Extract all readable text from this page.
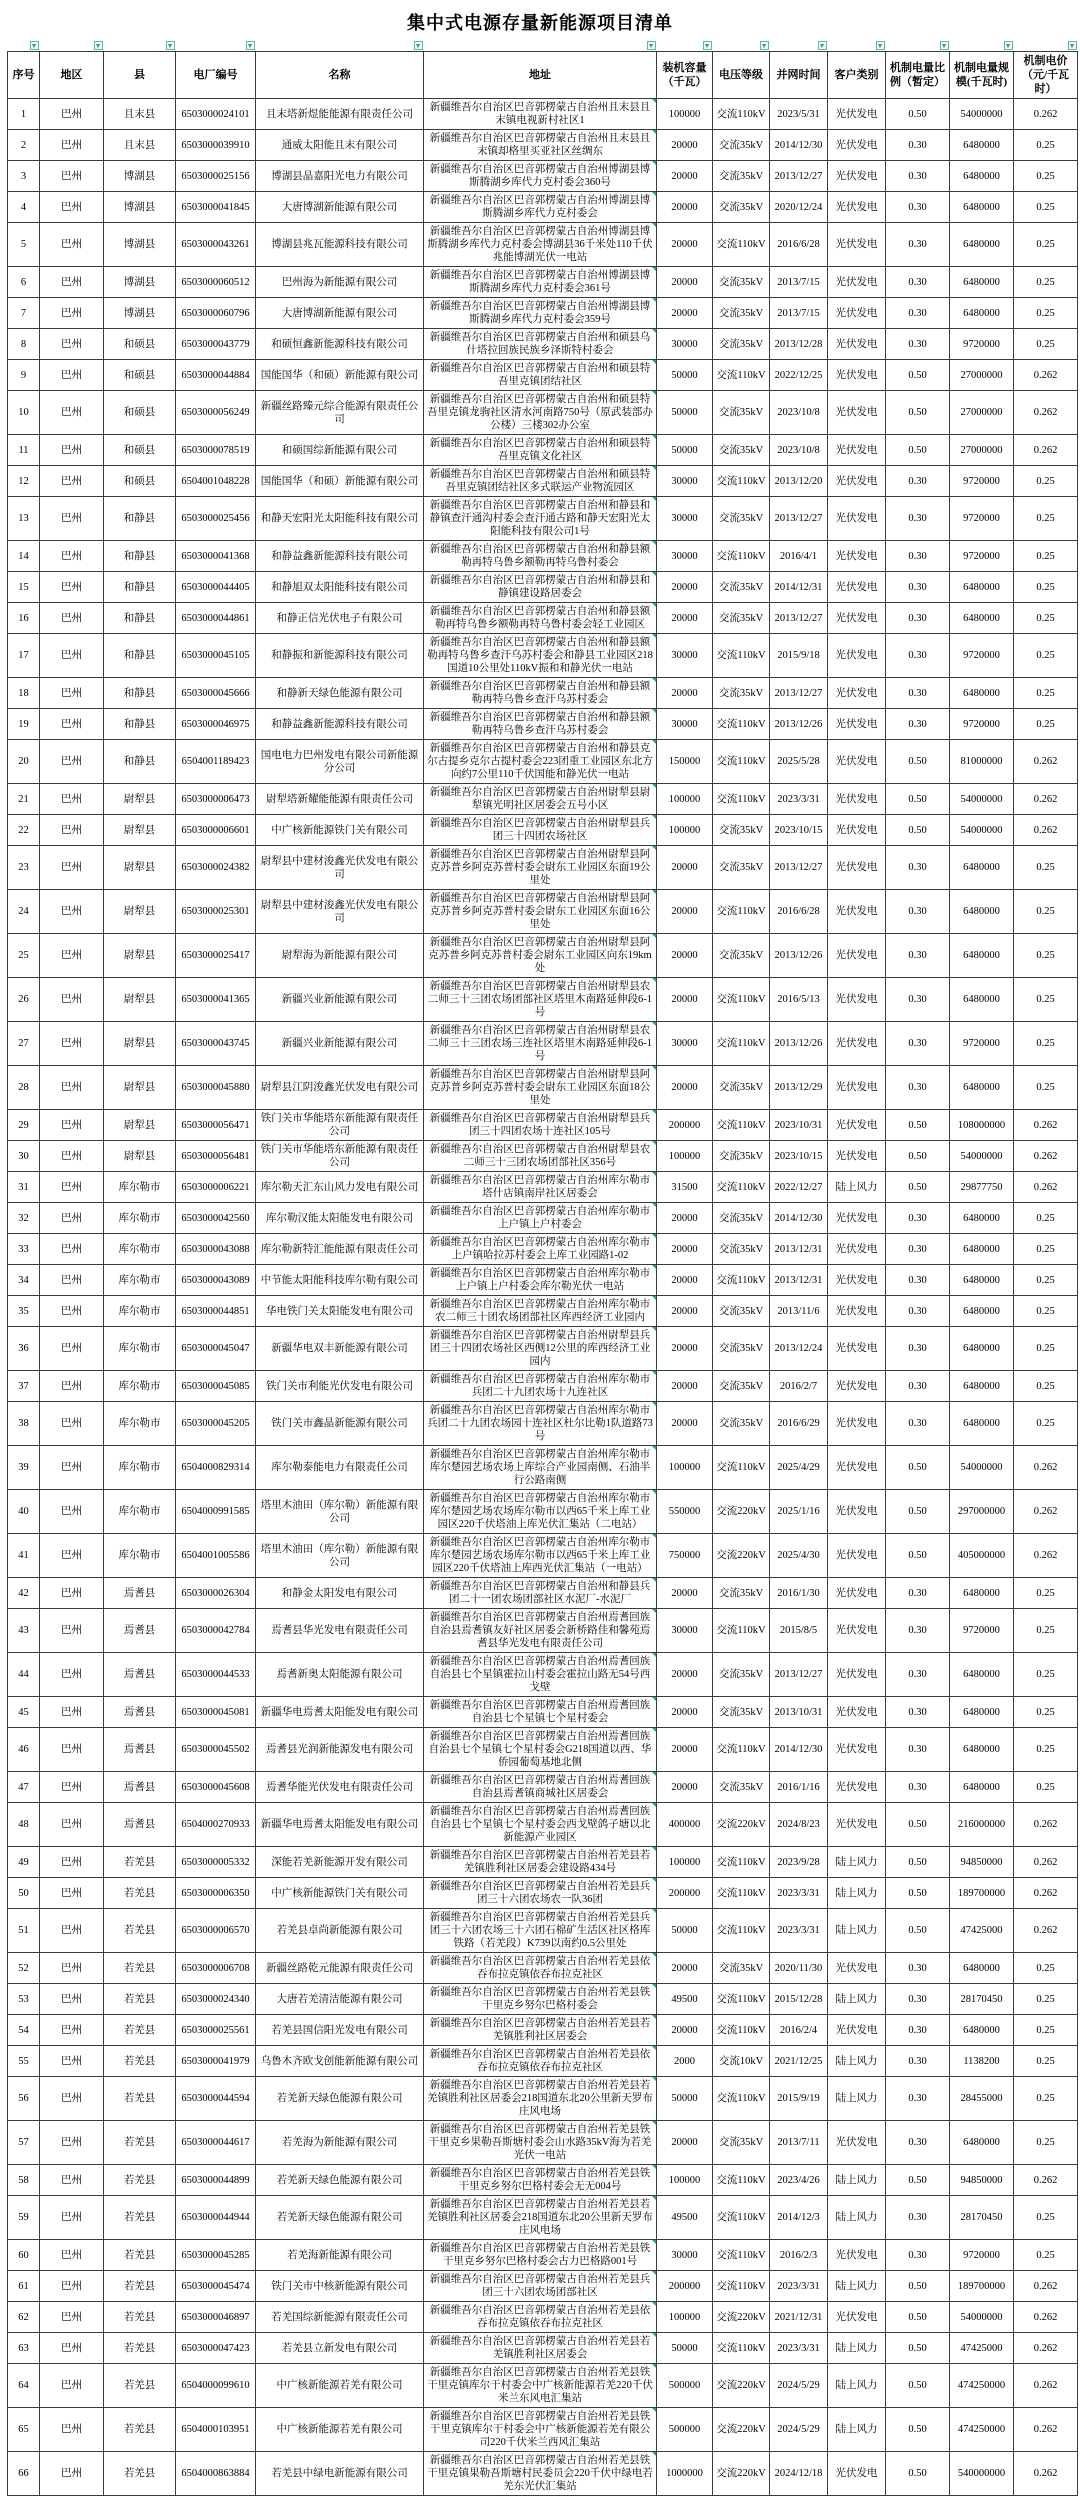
集中式电源存量新能源项目清单

序号	地区	县	电厂编号	名称	地址	装机容量（千瓦）	电压等级	并网时间	客户类别	机制电量比例（暂定）	机制电量规模(千瓦时)	机制电价（元/千瓦时）
1	巴州	且末县	6503000024101	且末塔新煜能能源有限责任公司	新疆维吾尔自治区巴音郭楞蒙古自治州且末县且末镇电视新村社区1	100000	交流110kV	2023/5/31	光伏发电	0.50	54000000	0.262
2	巴州	且末县	6503000039910	通威太阳能且末有限公司	新疆维吾尔自治区巴音郭楞蒙古自治州且末县且末镇却格里买亚社区丝绸东	20000	交流35kV	2014/12/30	光伏发电	0.30	6480000	0.25
3	巴州	博湖县	6503000025156	博湖县晶嘉阳光电力有限公司	新疆维吾尔自治区巴音郭楞蒙古自治州博湖县博斯腾湖乡库代力克村委会360号	20000	交流35kV	2013/12/27	光伏发电	0.30	6480000	0.25
4	巴州	博湖县	6503000041845	大唐博湖新能源有限公司	新疆维吾尔自治区巴音郭楞蒙古自治州博湖县博斯腾湖乡库代力克村委会	20000	交流35kV	2020/12/24	光伏发电	0.30	6480000	0.25
5	巴州	博湖县	6503000043261	博湖县兆瓦能源科技有限公司	新疆维吾尔自治区巴音郭楞蒙古自治州博湖县博斯腾湖乡库代力克村委会博湖县36千米处110千伏兆能博湖光伏一电站	20000	交流110kV	2016/6/28	光伏发电	0.30	6480000	0.25
6	巴州	博湖县	6503000060512	巴州海为新能源有限公司	新疆维吾尔自治区巴音郭楞蒙古自治州博湖县博斯腾湖乡库代力克村委会361号	20000	交流35kV	2013/7/15	光伏发电	0.30	6480000	0.25
7	巴州	博湖县	6503000060796	大唐博湖新能源有限公司	新疆维吾尔自治区巴音郭楞蒙古自治州博湖县博斯腾湖乡库代力克村委会359号	20000	交流35kV	2013/7/15	光伏发电	0.30	6480000	0.25
8	巴州	和硕县	6503000043779	和硕恒鑫新能源科技有限公司	新疆维吾尔自治区巴音郭楞蒙古自治州和硕县乌什塔拉回族民族乡泽斯特村委会	30000	交流35kV	2013/12/28	光伏发电	0.30	9720000	0.25
9	巴州	和硕县	6503000044884	国能国华（和硕）新能源有限公司	新疆维吾尔自治区巴音郭楞蒙古自治州和硕县特吾里克镇团结社区	50000	交流110kV	2022/12/25	光伏发电	0.50	27000000	0.262
10	巴州	和硕县	6503000056249	新疆丝路臻元综合能源有限责任公司	新疆维吾尔自治区巴音郭楞蒙古自治州和硕县特吾里克镇龙驹社区清水河南路750号（原武装部办公楼）三楼302办公室	50000	交流35kV	2023/10/8	光伏发电	0.50	27000000	0.262
11	巴州	和硕县	6503000078519	和硕国综新能源有限公司	新疆维吾尔自治区巴音郭楞蒙古自治州和硕县特吾里克镇文化社区	50000	交流35kV	2023/10/8	光伏发电	0.50	27000000	0.262
12	巴州	和硕县	6504001048228	国能国华（和硕）新能源有限公司	新疆维吾尔自治区巴音郭楞蒙古自治州和硕县特吾里克镇团结社区多式联运产业物流园区	30000	交流110kV	2013/12/20	光伏发电	0.30	9720000	0.25
13	巴州	和静县	6503000025456	和静天宏阳光太阳能科技有限公司	新疆维吾尔自治区巴音郭楞蒙古自治州和静县和静镇查汗通沟村委会查汗通古路和静天宏阳光太阳能科技有限公司1号	30000	交流35kV	2013/12/27	光伏发电	0.30	9720000	0.25
14	巴州	和静县	6503000041368	和静益鑫新能源科技有限公司	新疆维吾尔自治区巴音郭楞蒙古自治州和静县额勒再特乌鲁乡额勒再特乌鲁村委会	30000	交流110kV	2016/4/1	光伏发电	0.30	9720000	0.25
15	巴州	和静县	6503000044405	和静旭双太阳能科技有限公司	新疆维吾尔自治区巴音郭楞蒙古自治州和静县和静镇建设路居委会	20000	交流35kV	2014/12/31	光伏发电	0.30	6480000	0.25
16	巴州	和静县	6503000044861	和静正信光伏电子有限公司	新疆维吾尔自治区巴音郭楞蒙古自治州和静县额勒再特乌鲁乡额勒再特乌鲁村委会轻工业园区	20000	交流35kV	2013/12/27	光伏发电	0.30	6480000	0.25
17	巴州	和静县	6503000045105	和静振和新能源科技有限公司	新疆维吾尔自治区巴音郭楞蒙古自治州和静县额勒再特乌鲁乡查汗乌苏村委会和静县工业园区218国道10公里处110kV振和和静光伏一电站	30000	交流110kV	2015/9/18	光伏发电	0.30	9720000	0.25
18	巴州	和静县	6503000045666	和静新天绿色能源有限公司	新疆维吾尔自治区巴音郭楞蒙古自治州和静县额勒再特乌鲁乡查汗乌苏村委会	20000	交流35kV	2013/12/27	光伏发电	0.30	6480000	0.25
19	巴州	和静县	6503000046975	和静益鑫新能源科技有限公司	新疆维吾尔自治区巴音郭楞蒙古自治州和静县额勒再特乌鲁乡查汗乌苏村委会	30000	交流110kV	2013/12/26	光伏发电	0.30	9720000	0.25
20	巴州	和静县	6504001189423	国电电力巴州发电有限公司新能源分公司	新疆维吾尔自治区巴音郭楞蒙古自治州和静县克尔古提乡克尔古提村委会223团重工业园区东北方向约7公里110千伏国能和静光伏一电站	150000	交流110kV	2025/5/28	光伏发电	0.50	81000000	0.262
21	巴州	尉犁县	6503000006473	尉犁塔新耀能能源有限责任公司	新疆维吾尔自治区巴音郭楞蒙古自治州尉犁县尉犁镇光明社区居委会五号小区	100000	交流110kV	2023/3/31	光伏发电	0.50	54000000	0.262
22	巴州	尉犁县	6503000006601	中广核新能源铁门关有限公司	新疆维吾尔自治区巴音郭楞蒙古自治州尉犁县兵团三十四团农场社区	100000	交流35kV	2023/10/15	光伏发电	0.50	54000000	0.262
23	巴州	尉犁县	6503000024382	尉犁县中建材浚鑫光伏发电有限公司	新疆维吾尔自治区巴音郭楞蒙古自治州尉犁县阿克苏普乡阿克苏普村委会尉东工业园区东面19公里处	20000	交流35kV	2013/12/27	光伏发电	0.30	6480000	0.25
24	巴州	尉犁县	6503000025301	尉犁县中建材浚鑫光伏发电有限公司	新疆维吾尔自治区巴音郭楞蒙古自治州尉犁县阿克苏普乡阿克苏普村委会尉东工业园区东面16公里处	20000	交流110kV	2016/6/28	光伏发电	0.30	6480000	0.25
25	巴州	尉犁县	6503000025417	尉犁海为新能源有限公司	新疆维吾尔自治区巴音郭楞蒙古自治州尉犁县阿克苏普乡阿克苏普村委会尉东工业园区向东19km处	20000	交流35kV	2013/12/26	光伏发电	0.30	6480000	0.25
26	巴州	尉犁县	6503000041365	新疆兴业新能源有限公司	新疆维吾尔自治区巴音郭楞蒙古自治州尉犁县农二师三十三团农场团部社区塔里木南路延伸段6-1号	20000	交流110kV	2016/5/13	光伏发电	0.30	6480000	0.25
27	巴州	尉犁县	6503000043745	新疆兴业新能源有限公司	新疆维吾尔自治区巴音郭楞蒙古自治州尉犁县农二师三十三团农场三连社区塔里木南路延伸段6-1号	30000	交流110kV	2013/12/26	光伏发电	0.30	9720000	0.25
28	巴州	尉犁县	6503000045880	尉犁县江阴浚鑫光伏发电有限公司	新疆维吾尔自治区巴音郭楞蒙古自治州尉犁县阿克苏普乡阿克苏普村委会尉东工业园区东面18公里处	20000	交流35kV	2013/12/29	光伏发电	0.30	6480000	0.25
29	巴州	尉犁县	6503000056471	铁门关市华能塔东新能源有限责任公司	新疆维吾尔自治区巴音郭楞蒙古自治州尉犁县兵团三十四团农场十连社区105号	200000	交流110kV	2023/10/31	光伏发电	0.50	108000000	0.262
30	巴州	尉犁县	6503000056481	铁门关市华能塔东新能源有限责任公司	新疆维吾尔自治区巴音郭楞蒙古自治州尉犁县农二师三十三团农场团部社区356号	100000	交流35kV	2023/10/15	光伏发电	0.50	54000000	0.262
31	巴州	库尔勒市	6503000006221	库尔勒天汇东山风力发电有限公司	新疆维吾尔自治区巴音郭楞蒙古自治州库尔勒市塔什店镇南岸社区居委会	31500	交流110kV	2022/12/27	陆上风力	0.50	29877750	0.262
32	巴州	库尔勒市	6503000042560	库尔勒汉能太阳能发电有限公司	新疆维吾尔自治区巴音郭楞蒙古自治州库尔勒市上户镇上户村委会	20000	交流35kV	2014/12/30	光伏发电	0.30	6480000	0.25
33	巴州	库尔勒市	6503000043088	库尔勒新特汇能能源有限责任公司	新疆维吾尔自治区巴音郭楞蒙古自治州库尔勒市上户镇哈拉苏村委会上库工业园路1-02	20000	交流35kV	2013/12/31	光伏发电	0.30	6480000	0.25
34	巴州	库尔勒市	6503000043089	中节能太阳能科技库尔勒有限公司	新疆维吾尔自治区巴音郭楞蒙古自治州库尔勒市上户镇上户村委会库尔勒光伏一电站	20000	交流110kV	2013/12/31	光伏发电	0.30	6480000	0.25
35	巴州	库尔勒市	6503000044851	华电铁门关太阳能发电有限公司	新疆维吾尔自治区巴音郭楞蒙古自治州库尔勒市农二师三十团农场团部社区库西经济工业园内	20000	交流35kV	2013/11/6	光伏发电	0.30	6480000	0.25
36	巴州	库尔勒市	6503000045047	新疆华电双丰新能源有限公司	新疆维吾尔自治区巴音郭楞蒙古自治州尉犁县兵团三十四团农场社区西侧12公里的库西经济工业园内	20000	交流35kV	2013/12/24	光伏发电	0.30	6480000	0.25
37	巴州	库尔勒市	6503000045085	铁门关市利能光伏发电有限公司	新疆维吾尔自治区巴音郭楞蒙古自治州库尔勒市兵团二十九团农场十九连社区	20000	交流35kV	2016/2/7	光伏发电	0.30	6480000	0.25
38	巴州	库尔勒市	6503000045205	铁门关市鑫晶新能源有限公司	新疆维吾尔自治区巴音郭楞蒙古自治州库尔勒市兵团二十九团农场园十连社区杜尔比勒1队道路73号	20000	交流35kV	2016/6/29	光伏发电	0.30	6480000	0.25
39	巴州	库尔勒市	6504000829314	库尔勒泰能电力有限责任公司	新疆维吾尔自治区巴音郭楞蒙古自治州库尔勒市库尔楚园艺场农场上库综合产业园南侧、石油半行公路南侧	100000	交流110kV	2025/4/29	光伏发电	0.50	54000000	0.262
40	巴州	库尔勒市	6504000991585	塔里木油田（库尔勒）新能源有限公司	新疆维吾尔自治区巴音郭楞蒙古自治州库尔勒市库尔楚园艺场农场库尔勒市以西65千米上库工业园区220千伏塔油上库光伏汇集站（二电站）	550000	交流220kV	2025/1/16	光伏发电	0.50	297000000	0.262
41	巴州	库尔勒市	6504001005586	塔里木油田（库尔勒）新能源有限公司	新疆维吾尔自治区巴音郭楞蒙古自治州库尔勒市库尔楚园艺场农场库尔勒市以西65千米上库工业园区220千伏塔油上库西光伏汇集站（一电站）	750000	交流220kV	2025/4/30	光伏发电	0.50	405000000	0.262
42	巴州	焉耆县	6503000026304	和静金太阳发电有限公司	新疆维吾尔自治区巴音郭楞蒙古自治州和静县兵团二十一团农场团部社区水泥厂-水泥厂	20000	交流35kV	2016/1/30	光伏发电	0.30	6480000	0.25
43	巴州	焉耆县	6503000042784	焉耆县华光发电有限责任公司	新疆维吾尔自治区巴音郭楞蒙古自治州焉耆回族自治县焉耆镇友好社区居委会新桥路佳和馨苑焉耆县华光发电有限责任公司	30000	交流110kV	2015/8/5	光伏发电	0.30	9720000	0.25
44	巴州	焉耆县	6503000044533	焉耆新奥太阳能源有限公司	新疆维吾尔自治区巴音郭楞蒙古自治州焉耆回族自治县七个星镇霍拉山村委会霍拉山路无54号西戈壁	20000	交流35kV	2013/12/27	光伏发电	0.30	6480000	0.25
45	巴州	焉耆县	6503000045081	新疆华电焉耆太阳能发电有限公司	新疆维吾尔自治区巴音郭楞蒙古自治州焉耆回族自治县七个星镇七个星村委会	20000	交流35kV	2013/10/31	光伏发电	0.30	6480000	0.25
46	巴州	焉耆县	6503000045502	焉耆县光润新能源发电有限公司	新疆维吾尔自治区巴音郭楞蒙古自治州焉耆回族自治县七个星镇七个星村委会G218国道以西、华侨园葡萄基地北侧	20000	交流110kV	2014/12/30	光伏发电	0.30	6480000	0.25
47	巴州	焉耆县	6503000045608	焉耆华能光伏发电有限责任公司	新疆维吾尔自治区巴音郭楞蒙古自治州焉耆回族自治县焉耆镇商城社区居委会	20000	交流35kV	2016/1/16	光伏发电	0.30	6480000	0.25
48	巴州	焉耆县	6504000270933	新疆华电焉耆太阳能发电有限公司	新疆维吾尔自治区巴音郭楞蒙古自治州焉耆回族自治县七个星镇七个星村委会西戈壁鸽子塘以北新能源产业园区	400000	交流220kV	2024/8/23	光伏发电	0.50	216000000	0.262
49	巴州	若羌县	6503000005332	深能若羌新能源开发有限公司	新疆维吾尔自治区巴音郭楞蒙古自治州若羌县若羌镇胜利社区居委会建设路434号	100000	交流110kV	2023/9/28	陆上风力	0.50	94850000	0.262
50	巴州	若羌县	6503000006350	中广核新能源铁门关有限公司	新疆维吾尔自治区巴音郭楞蒙古自治州若羌县兵团三十六团农场农一队36团	200000	交流110kV	2023/3/31	陆上风力	0.50	189700000	0.262
51	巴州	若羌县	6503000006570	若羌县卓尚新能源有限公司	新疆维吾尔自治区巴音郭楞蒙古自治州若羌县兵团三十六团农场三十六团石棉矿生活区社区格库铁路（若羌段）K739以南约0.5公里处	50000	交流110kV	2023/3/31	陆上风力	0.50	47425000	0.262
52	巴州	若羌县	6503000006708	新疆丝路乾元能源有限责任公司	新疆维吾尔自治区巴音郭楞蒙古自治州若羌县依吞布拉克镇依吞布拉克社区	20000	交流35kV	2020/11/30	光伏发电	0.30	6480000	0.25
53	巴州	若羌县	6503000024340	大唐若羌清洁能源有限公司	新疆维吾尔自治区巴音郭楞蒙古自治州若羌县铁干里克乡努尔巴格村委会	49500	交流110kV	2015/12/28	陆上风力	0.30	28170450	0.25
54	巴州	若羌县	6503000025561	若羌县国信阳光发电有限公司	新疆维吾尔自治区巴音郭楞蒙古自治州若羌县若羌镇胜利社区居委会	20000	交流110kV	2016/2/4	光伏发电	0.30	6480000	0.25
55	巴州	若羌县	6503000041979	乌鲁木齐欧戈创能新能源有限公司	新疆维吾尔自治区巴音郭楞蒙古自治州若羌县依吞布拉克镇依吞布拉克社区	2000	交流10kV	2021/12/25	陆上风力	0.30	1138200	0.25
56	巴州	若羌县	6503000044594	若羌新天绿色能源有限公司	新疆维吾尔自治区巴音郭楞蒙古自治州若羌县若羌镇胜利社区居委会218国道东北20公里新天罗布庄风电场	50000	交流110kV	2015/9/19	陆上风力	0.30	28455000	0.25
57	巴州	若羌县	6503000044617	若羌海为新能源有限公司	新疆维吾尔自治区巴音郭楞蒙古自治州若羌县铁干里克乡果勒吾斯塘村委会山水路35kV海为若羌光伏一电站	20000	交流35kV	2013/7/11	光伏发电	0.30	6480000	0.25
58	巴州	若羌县	6503000044899	若羌新天绿色能源有限公司	新疆维吾尔自治区巴音郭楞蒙古自治州若羌县铁干里克乡努尔巴格村委会无无004号	100000	交流110kV	2023/4/26	陆上风力	0.50	94850000	0.262
59	巴州	若羌县	6503000044944	若羌新天绿色能源有限公司	新疆维吾尔自治区巴音郭楞蒙古自治州若羌县若羌镇胜利社区居委会218国道东北20公里新天罗布庄风电场	49500	交流110kV	2014/12/3	陆上风力	0.30	28170450	0.25
60	巴州	若羌县	6503000045285	若羌海新能源有限公司	新疆维吾尔自治区巴音郭楞蒙古自治州若羌县铁干里克乡努尔巴格村委会古力巴格路001号	30000	交流110kV	2016/2/3	光伏发电	0.30	9720000	0.25
61	巴州	若羌县	6503000045474	铁门关市中核新能源有限公司	新疆维吾尔自治区巴音郭楞蒙古自治州若羌县兵团三十六团农场团部社区	200000	交流110kV	2023/3/31	陆上风力	0.50	189700000	0.262
62	巴州	若羌县	6503000046897	若羌国综新能源有限责任公司	新疆维吾尔自治区巴音郭楞蒙古自治州若羌县依吞布拉克镇依吞布拉克社区	100000	交流220kV	2021/12/31	光伏发电	0.50	54000000	0.262
63	巴州	若羌县	6503000047423	若羌县立新发电有限公司	新疆维吾尔自治区巴音郭楞蒙古自治州若羌县若羌镇胜利社区居委会	50000	交流110kV	2023/3/31	陆上风力	0.50	47425000	0.262
64	巴州	若羌县	6504000099610	中广核新能源若羌有限公司	新疆维吾尔自治区巴音郭楞蒙古自治州若羌县铁干里克镇库尔干村委会中广核新能源若羌220千伏米兰东风电汇集站	500000	交流220kV	2024/5/29	陆上风力	0.50	474250000	0.262
65	巴州	若羌县	6504000103951	中广核新能源若羌有限公司	新疆维吾尔自治区巴音郭楞蒙古自治州若羌县铁干里克镇库尔干村委会中广核新能源若羌有限公司220千伏米兰西风汇集站	500000	交流220kV	2024/5/29	陆上风力	0.50	474250000	0.262
66	巴州	若羌县	6504000863884	若羌县中绿电新能源有限公司	新疆维吾尔自治区巴音郭楞蒙古自治州若羌县铁干里克镇果勒吾斯塘村民委员会220千伏中绿电若羌东光伏汇集站	1000000	交流220kV	2024/12/18	光伏发电	0.50	540000000	0.262
